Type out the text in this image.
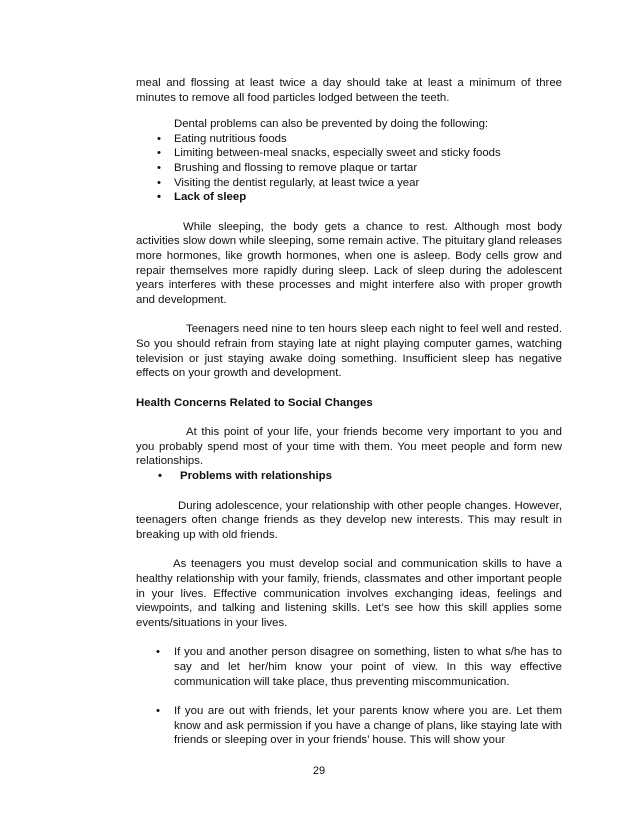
meal and flossing at least twice a day should take at least a minimum of three minutes to remove all food particles lodged between the teeth.

Dental problems can also be prevented by doing the following:

• Eating nutritious foods
• Limiting between-meal snacks, especially sweet and sticky foods
• Brushing and flossing to remove plaque or tartar
• Visiting the dentist regularly, at least twice a year
• Lack of sleep

While sleeping, the body gets a chance to rest. Although most body activities slow down while sleeping, some remain active. The pituitary gland releases more hormones, like growth hormones, when one is asleep. Body cells grow and repair themselves more rapidly during sleep. Lack of sleep during the adolescent years interferes with these processes and might interfere also with proper growth and development.

Teenagers need nine to ten hours sleep each night to feel well and rested. So you should refrain from staying late at night playing computer games, watching television or just staying awake doing something. Insufficient sleep has negative effects on your growth and development.

Health Concerns Related to Social Changes

At this point of your life, your friends become very important to you and you probably spend most of your time with them. You meet people and form new relationships.

• Problems with relationships

During adolescence, your relationship with other people changes. However, teenagers often change friends as they develop new interests. This may result in breaking up with old friends.

As teenagers you must develop social and communication skills to have a healthy relationship with your family, friends, classmates and other important people in your lives. Effective communication involves exchanging ideas, feelings and viewpoints, and talking and listening skills. Let’s see how this skill applies some events/situations in your lives.

• If you and another person disagree on something, listen to what s/he has to say and let her/him know your point of view. In this way effective communication will take place, thus preventing miscommunication.
• If you are out with friends, let your parents know where you are. Let them know and ask permission if you have a change of plans, like staying late with friends or sleeping over in your friends’ house. This will show your
29
